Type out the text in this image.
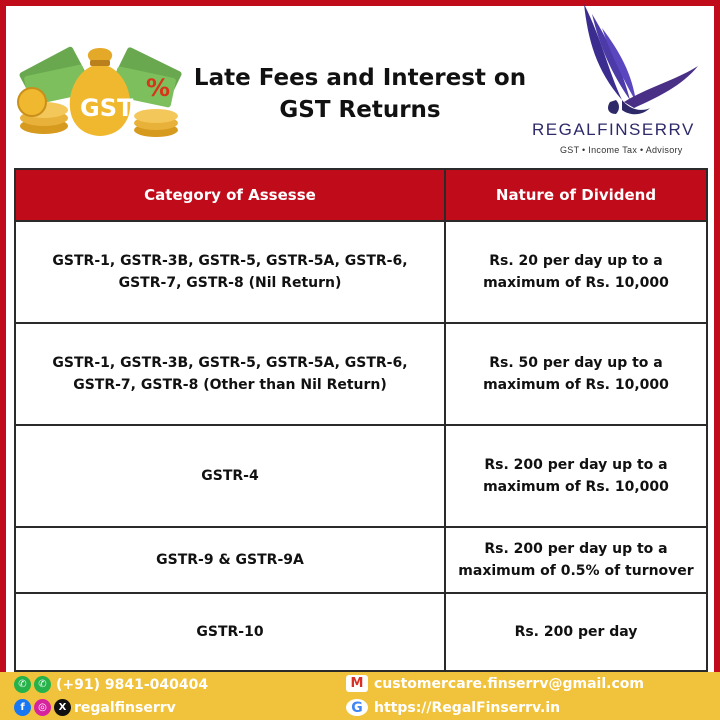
GST
%	Late Fees and Interest on
GST Returns
REGALFINSERRV
GST • Income Tax • Advisory
Category of Assesse	Nature of Dividend
GSTR-1, GSTR-3B, GSTR-5, GSTR-5A, GSTR-6, GSTR-7, GSTR-8 (Nil Return)	Rs. 20 per day up to a maximum of Rs. 10,000
GSTR-1, GSTR-3B, GSTR-5, GSTR-5A, GSTR-6, GSTR-7, GSTR-8 (Other than Nil Return)	Rs. 50 per day up to a maximum of Rs. 10,000
GSTR-4	Rs. 200 per day up to a maximum of Rs. 10,000
GSTR-9 & GSTR-9A	Rs. 200 per day up to a maximum of 0.5% of turnover
GSTR-10	Rs. 200 per day
✆	✆ (+91) 9841-040404
f	◎	X regalfinserrv
M customercare.finserrv@gmail.com
G https://RegalFinserrv.in
